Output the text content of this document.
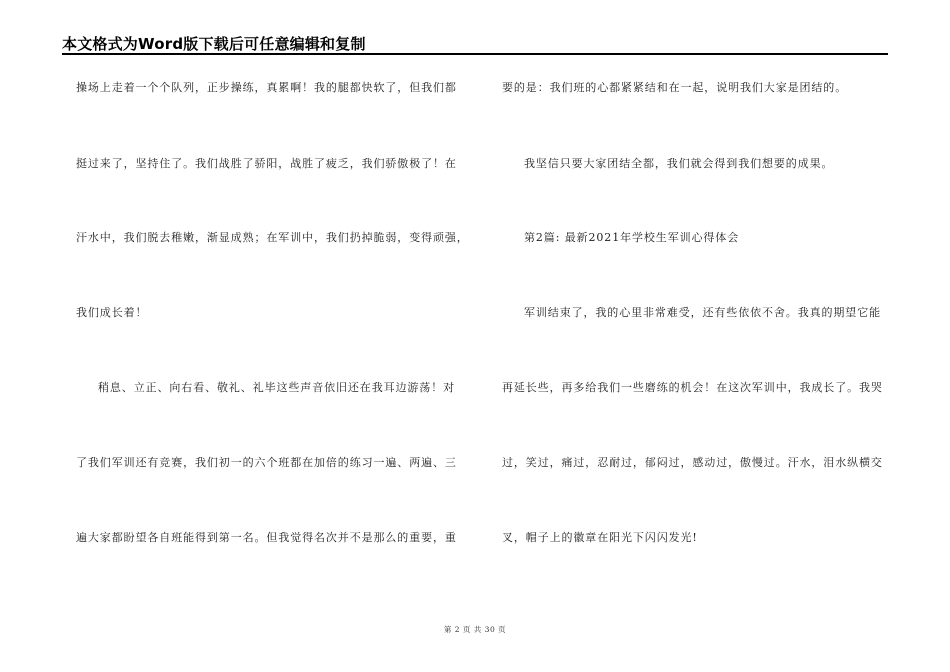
本文格式为Word版下载后可任意编辑和复制
操场上走着一个个队列，正步操练，真累啊！我的腿都快软了，但我们都
挺过来了，坚持住了。我们战胜了骄阳，战胜了疲乏，我们骄傲极了！在
汗水中，我们脱去稚嫩，渐显成熟；在军训中，我们扔掉脆弱，变得顽强，
我们成长着！
稍息、立正、向右看、敬礼、礼毕这些声音依旧还在我耳边游荡！对
了我们军训还有竞赛，我们初一的六个班都在加倍的练习一遍、两遍、三
遍大家都盼望各自班能得到第一名。但我觉得名次并不是那么的重要，重
要的是：我们班的心都紧紧结和在一起，说明我们大家是团结的。
我坚信只要大家团结全都，我们就会得到我们想要的成果。
第2篇: 最新2021年学校生军训心得体会
军训结束了，我的心里非常难受，还有些依依不舍。我真的期望它能
再延长些，再多给我们一些磨练的机会！在这次军训中，我成长了。我哭
过，笑过，痛过，忍耐过，郁闷过，感动过，傲慢过。汗水，泪水纵横交
叉，帽子上的徽章在阳光下闪闪发光!
第 2 页 共 30 页
